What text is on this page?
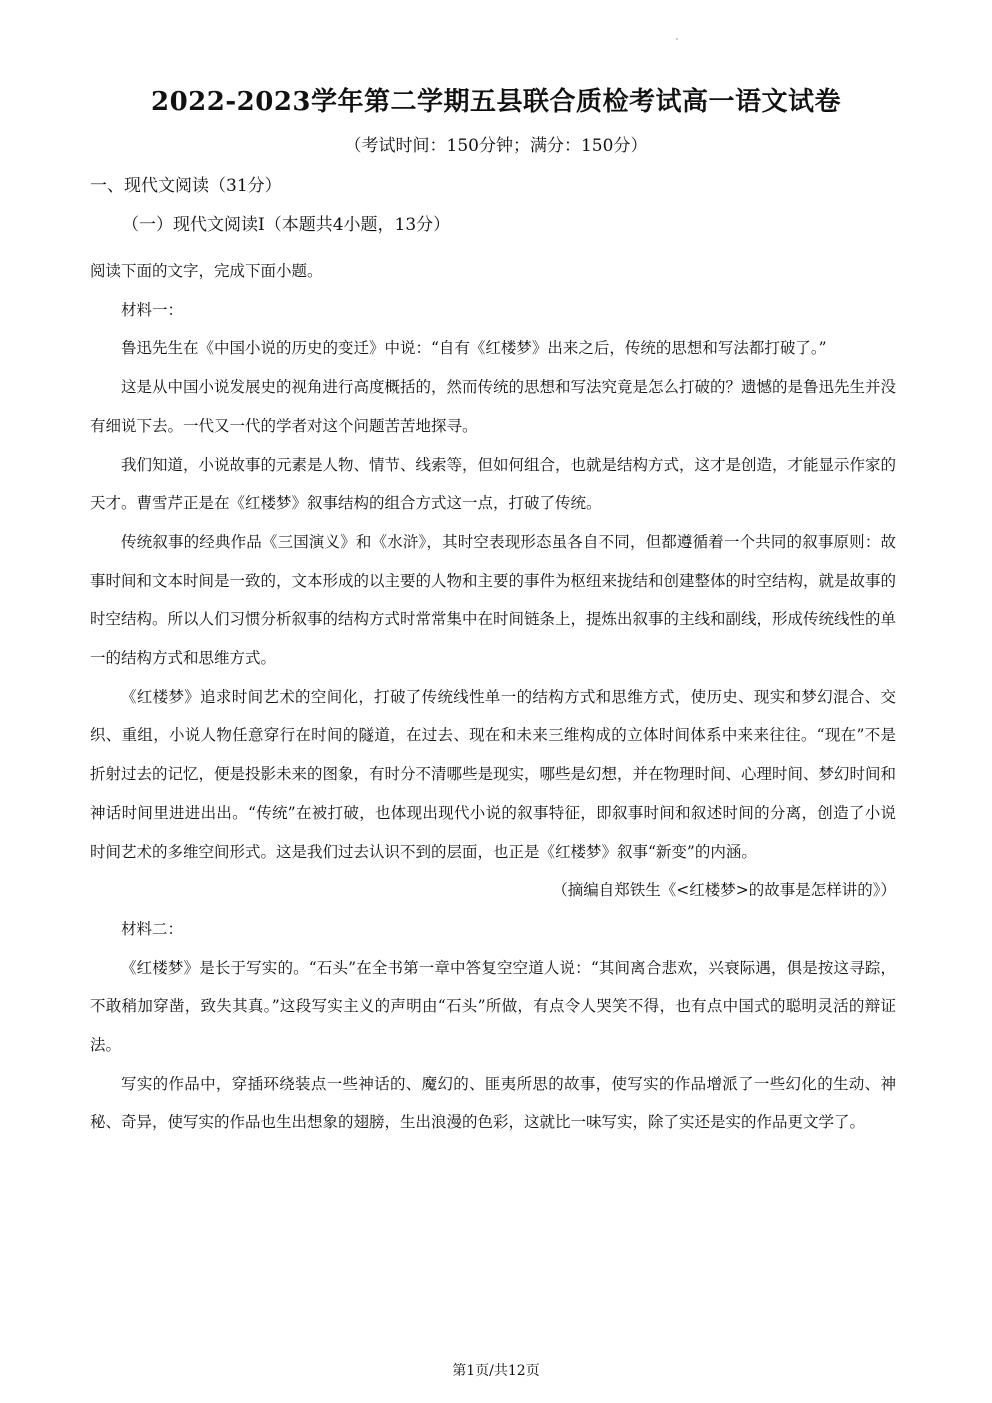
2022-2023学年第二学期五县联合质检考试高一语文试卷
（考试时间：150分钟；满分：150分）
一、现代文阅读（31分）
（一）现代文阅读Ⅰ（本题共4小题，13分）

阅读下面的文字，完成下面小题。

材料一：

鲁迅先生在《中国小说的历史的变迁》中说：“自有《红楼梦》出来之后，传统的思想和写法都打破了。”

这是从中国小说发展史的视角进行高度概括的，然而传统的思想和写法究竟是怎么打破的？遗憾的是鲁迅先生并没有细说下去。一代又一代的学者对这个问题苦苦地探寻。

我们知道，小说故事的元素是人物、情节、线索等，但如何组合，也就是结构方式，这才是创造，才能显示作家的天才。曹雪芹正是在《红楼梦》叙事结构的组合方式这一点，打破了传统。

传统叙事的经典作品《三国演义》和《水浒》，其时空表现形态虽各自不同，但都遵循着一个共同的叙事原则：故事时间和文本时间是一致的，文本形成的以主要的人物和主要的事件为枢纽来拢结和创建整体的时空结构，就是故事的时空结构。所以人们习惯分析叙事的结构方式时常常集中在时间链条上，提炼出叙事的主线和副线，形成传统线性的单一的结构方式和思维方式。

《红楼梦》追求时间艺术的空间化，打破了传统线性单一的结构方式和思维方式，使历史、现实和梦幻混合、交织、重组，小说人物任意穿行在时间的隧道，在过去、现在和未来三维构成的立体时间体系中来来往往。“现在”不是折射过去的记忆，便是投影未来的图象，有时分不清哪些是现实，哪些是幻想，并在物理时间、心理时间、梦幻时间和神话时间里进进出出。“传统”在被打破，也体现出现代小说的叙事特征，即叙事时间和叙述时间的分离，创造了小说时间艺术的多维空间形式。这是我们过去认识不到的层面，也正是《红楼梦》叙事“新变”的内涵。

（摘编自郑铁生《<红楼梦>的故事是怎样讲的》）

材料二：

《红楼梦》是长于写实的。“石头”在全书第一章中答复空空道人说：“其间离合悲欢，兴衰际遇，俱是按这寻踪，不敢稍加穿凿，致失其真。”这段写实主义的声明由“石头”所做，有点令人哭笑不得，也有点中国式的聪明灵活的辩证法。

写实的作品中，穿插环绕装点一些神话的、魔幻的、匪夷所思的故事，使写实的作品增派了一些幻化的生动、神秘、奇异，使写实的作品也生出想象的翅膀，生出浪漫的色彩，这就比一味写实，除了实还是实的作品更文学了。

第1页/共12页
